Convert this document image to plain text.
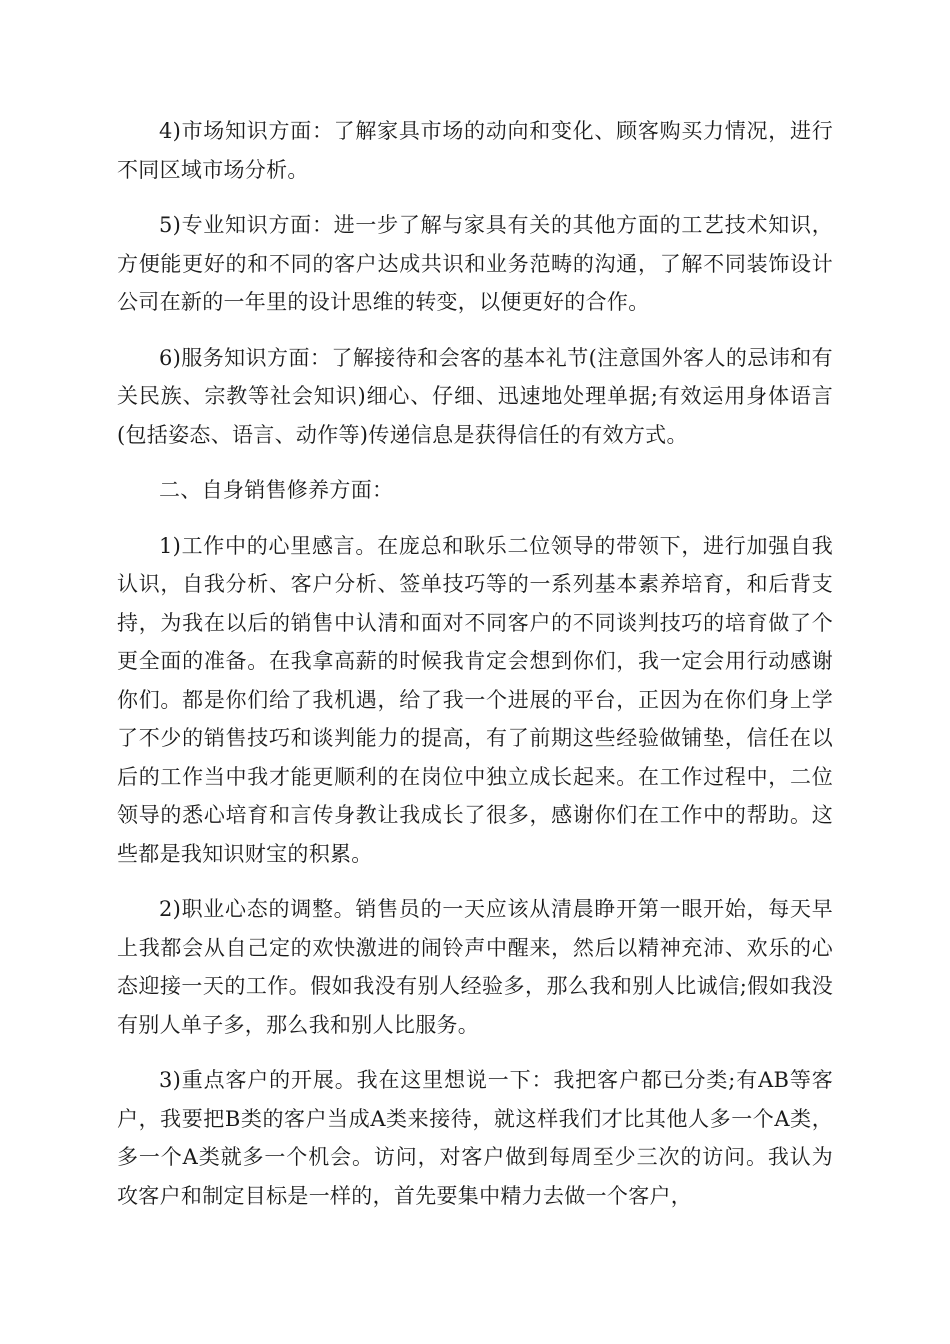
4)市场知识方面：了解家具市场的动向和变化、顾客购买力情况，进行不同区域市场分析。

5)专业知识方面：进一步了解与家具有关的其他方面的工艺技术知识，方便能更好的和不同的客户达成共识和业务范畴的沟通，了解不同装饰设计公司在新的一年里的设计思维的转变，以便更好的合作。

6)服务知识方面：了解接待和会客的基本礼节(注意国外客人的忌讳和有关民族、宗教等社会知识)细心、仔细、迅速地处理单据;有效运用身体语言(包括姿态、语言、动作等)传递信息是获得信任的有效方式。

二、自身销售修养方面：

1)工作中的心里感言。在庞总和耿乐二位领导的带领下，进行加强自我认识，自我分析、客户分析、签单技巧等的一系列基本素养培育，和后背支持，为我在以后的销售中认清和面对不同客户的不同谈判技巧的培育做了个更全面的准备。在我拿高薪的时候我肯定会想到你们，我一定会用行动感谢你们。都是你们给了我机遇，给了我一个进展的平台，正因为在你们身上学了不少的销售技巧和谈判能力的提高，有了前期这些经验做铺垫，信任在以后的工作当中我才能更顺利的在岗位中独立成长起来。在工作过程中，二位领导的悉心培育和言传身教让我成长了很多，感谢你们在工作中的帮助。这些都是我知识财宝的积累。

2)职业心态的调整。销售员的一天应该从清晨睁开第一眼开始，每天早上我都会从自己定的欢快激进的闹铃声中醒来，然后以精神充沛、欢乐的心态迎接一天的工作。假如我没有别人经验多，那么我和别人比诚信;假如我没有别人单子多，那么我和别人比服务。

3)重点客户的开展。我在这里想说一下：我把客户都已分类;有AB等客户，我要把B类的客户当成A类来接待，就这样我们才比其他人多一个A类，多一个A类就多一个机会。访问，对客户做到每周至少三次的访问。我认为攻客户和制定目标是一样的，首先要集中精力去做一个客户，
